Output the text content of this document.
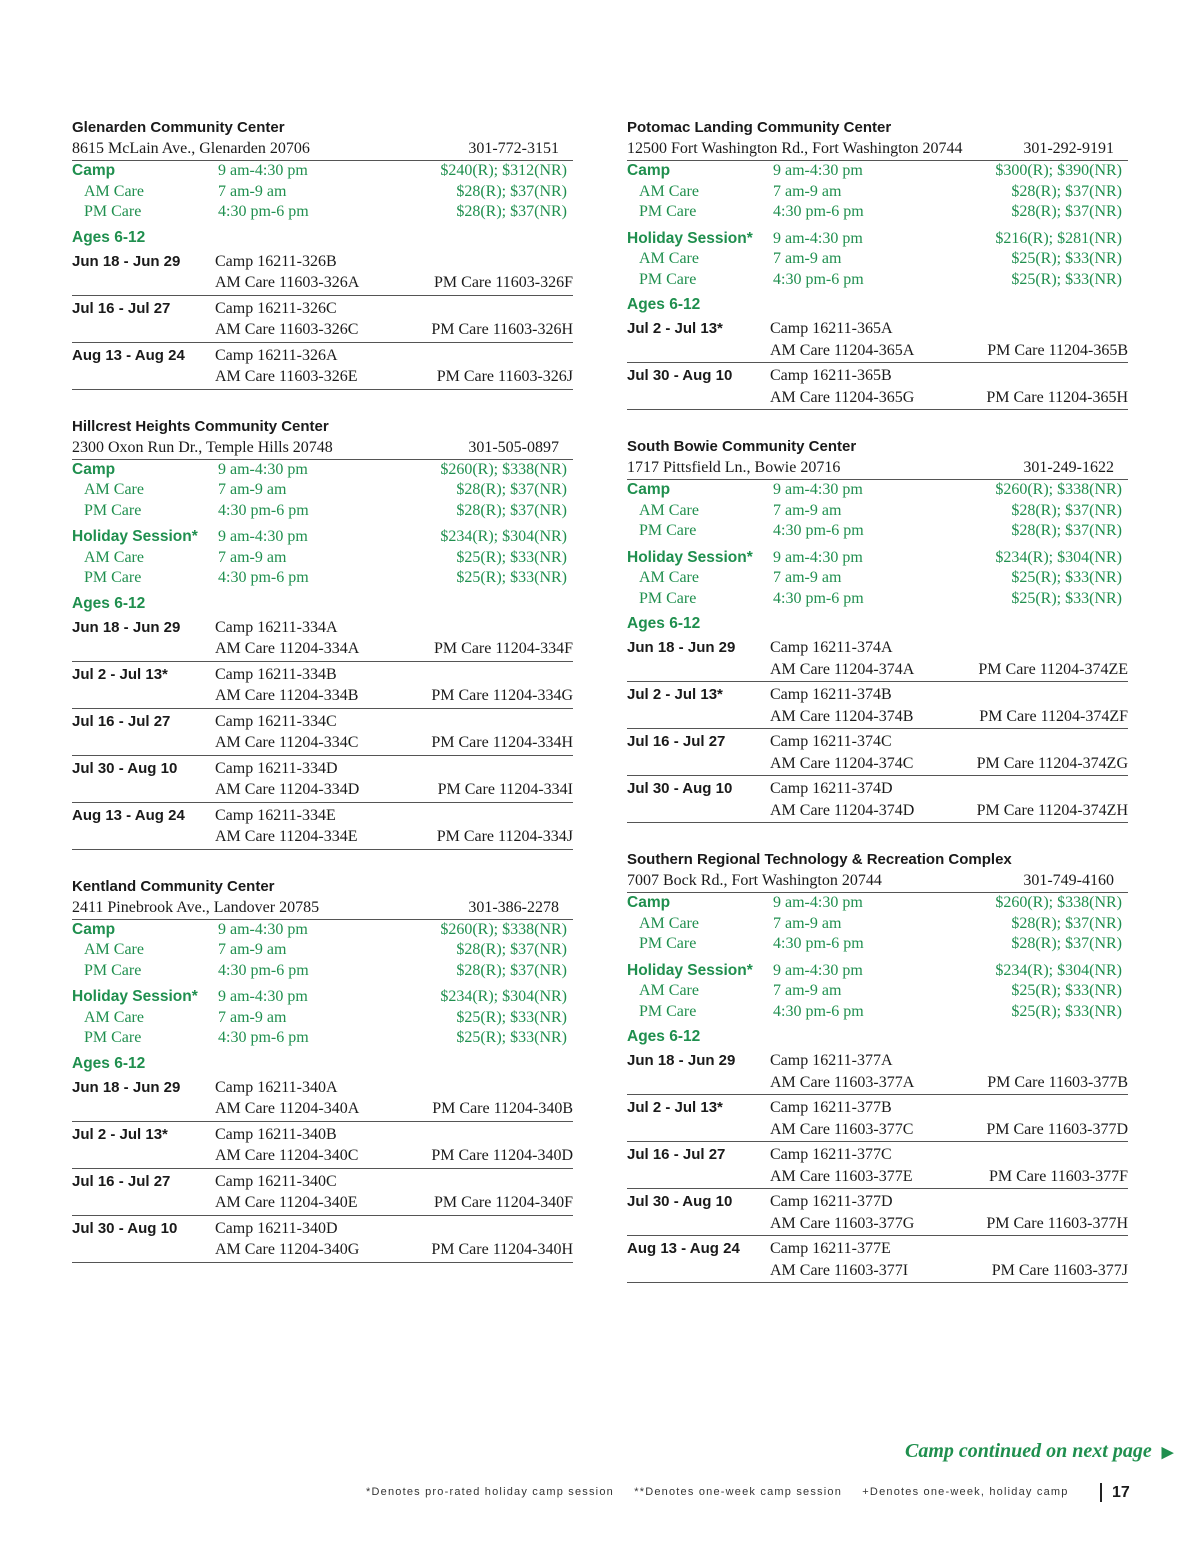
Glenarden Community Center
8615 McLain Ave., Glenarden 20706	301-772-3151
Camp	9 am-4:30 pm	$240(R); $312(NR)
AM Care	7 am-9 am	$28(R); $37(NR)
PM Care	4:30 pm-6 pm	$28(R); $37(NR)
Ages 6-12
Jun 18 - Jun 29	Camp 16211-326B
AM Care 11603-326A	PM Care 11603-326F
Jul 16 - Jul 27	Camp 16211-326C
AM Care 11603-326C	PM Care 11603-326H
Aug 13 - Aug 24	Camp 16211-326A
AM Care 11603-326E	PM Care 11603-326J
Hillcrest Heights Community Center
2300 Oxon Run Dr., Temple Hills 20748	301-505-0897
Camp	9 am-4:30 pm	$260(R); $338(NR)
AM Care	7 am-9 am	$28(R); $37(NR)
PM Care	4:30 pm-6 pm	$28(R); $37(NR)
Holiday Session*	9 am-4:30 pm	$234(R); $304(NR)
AM Care	7 am-9 am	$25(R); $33(NR)
PM Care	4:30 pm-6 pm	$25(R); $33(NR)
Ages 6-12
Jun 18 - Jun 29	Camp 16211-334A
AM Care 11204-334A	PM Care 11204-334F
Jul 2 - Jul 13*	Camp 16211-334B
AM Care 11204-334B	PM Care 11204-334G
Jul 16 - Jul 27	Camp 16211-334C
AM Care 11204-334C	PM Care 11204-334H
Jul 30 - Aug 10	Camp 16211-334D
AM Care 11204-334D	PM Care 11204-334I
Aug 13 - Aug 24	Camp 16211-334E
AM Care 11204-334E	PM Care 11204-334J
Kentland Community Center
2411 Pinebrook Ave., Landover 20785	301-386-2278
Camp	9 am-4:30 pm	$260(R); $338(NR)
AM Care	7 am-9 am	$28(R); $37(NR)
PM Care	4:30 pm-6 pm	$28(R); $37(NR)
Holiday Session*	9 am-4:30 pm	$234(R); $304(NR)
AM Care	7 am-9 am	$25(R); $33(NR)
PM Care	4:30 pm-6 pm	$25(R); $33(NR)
Ages 6-12
Jun 18 - Jun 29	Camp 16211-340A
AM Care 11204-340A	PM Care 11204-340B
Jul 2 - Jul 13*	Camp 16211-340B
AM Care 11204-340C	PM Care 11204-340D
Jul 16 - Jul 27	Camp 16211-340C
AM Care 11204-340E	PM Care 11204-340F
Jul 30 - Aug 10	Camp 16211-340D
AM Care 11204-340G	PM Care 11204-340H
Potomac Landing Community Center
12500 Fort Washington Rd., Fort Washington 20744	301-292-9191
Camp	9 am-4:30 pm	$300(R); $390(NR)
AM Care	7 am-9 am	$28(R); $37(NR)
PM Care	4:30 pm-6 pm	$28(R); $37(NR)
Holiday Session*	9 am-4:30 pm	$216(R); $281(NR)
AM Care	7 am-9 am	$25(R); $33(NR)
PM Care	4:30 pm-6 pm	$25(R); $33(NR)
Ages 6-12
Jul 2 - Jul 13*	Camp 16211-365A
AM Care 11204-365A	PM Care 11204-365B
Jul 30 - Aug 10	Camp 16211-365B
AM Care 11204-365G	PM Care 11204-365H
South Bowie Community Center
1717 Pittsfield Ln., Bowie 20716	301-249-1622
Camp	9 am-4:30 pm	$260(R); $338(NR)
AM Care	7 am-9 am	$28(R); $37(NR)
PM Care	4:30 pm-6 pm	$28(R); $37(NR)
Holiday Session*	9 am-4:30 pm	$234(R); $304(NR)
AM Care	7 am-9 am	$25(R); $33(NR)
PM Care	4:30 pm-6 pm	$25(R); $33(NR)
Ages 6-12
Jun 18 - Jun 29	Camp 16211-374A
AM Care 11204-374A	PM Care 11204-374ZE
Jul 2 - Jul 13*	Camp 16211-374B
AM Care 11204-374B	PM Care 11204-374ZF
Jul 16 - Jul 27	Camp 16211-374C
AM Care 11204-374C	PM Care 11204-374ZG
Jul 30 - Aug 10	Camp 16211-374D
AM Care 11204-374D	PM Care 11204-374ZH
Southern Regional Technology & Recreation Complex
7007 Bock Rd., Fort Washington 20744	301-749-4160
Camp	9 am-4:30 pm	$260(R); $338(NR)
AM Care	7 am-9 am	$28(R); $37(NR)
PM Care	4:30 pm-6 pm	$28(R); $37(NR)
Holiday Session*	9 am-4:30 pm	$234(R); $304(NR)
AM Care	7 am-9 am	$25(R); $33(NR)
PM Care	4:30 pm-6 pm	$25(R); $33(NR)
Ages 6-12
Jun 18 - Jun 29	Camp 16211-377A
AM Care 11603-377A	PM Care 11603-377B
Jul 2 - Jul 13*	Camp 16211-377B
AM Care 11603-377C	PM Care 11603-377D
Jul 16 - Jul 27	Camp 16211-377C
AM Care 11603-377E	PM Care 11603-377F
Jul 30 - Aug 10	Camp 16211-377D
AM Care 11603-377G	PM Care 11603-377H
Aug 13 - Aug 24	Camp 16211-377E
AM Care 11603-377I	PM Care 11603-377J
Camp continued on next page ▶
*Denotes pro-rated holiday camp session **Denotes one-week camp session +Denotes one-week, holiday camp	17
